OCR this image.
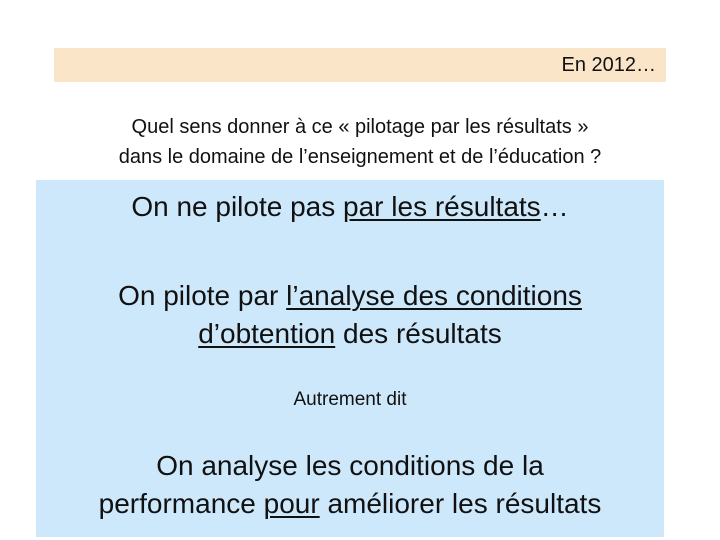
En 2012…
Quel sens donner à ce « pilotage par les résultats »
dans le domaine de l’enseignement et de l’éducation ?
On ne pilote pas par les résultats…
On pilote par l’analyse des conditions
d’obtention des résultats
Autrement dit
On analyse les conditions de la
performance pour améliorer les résultats
